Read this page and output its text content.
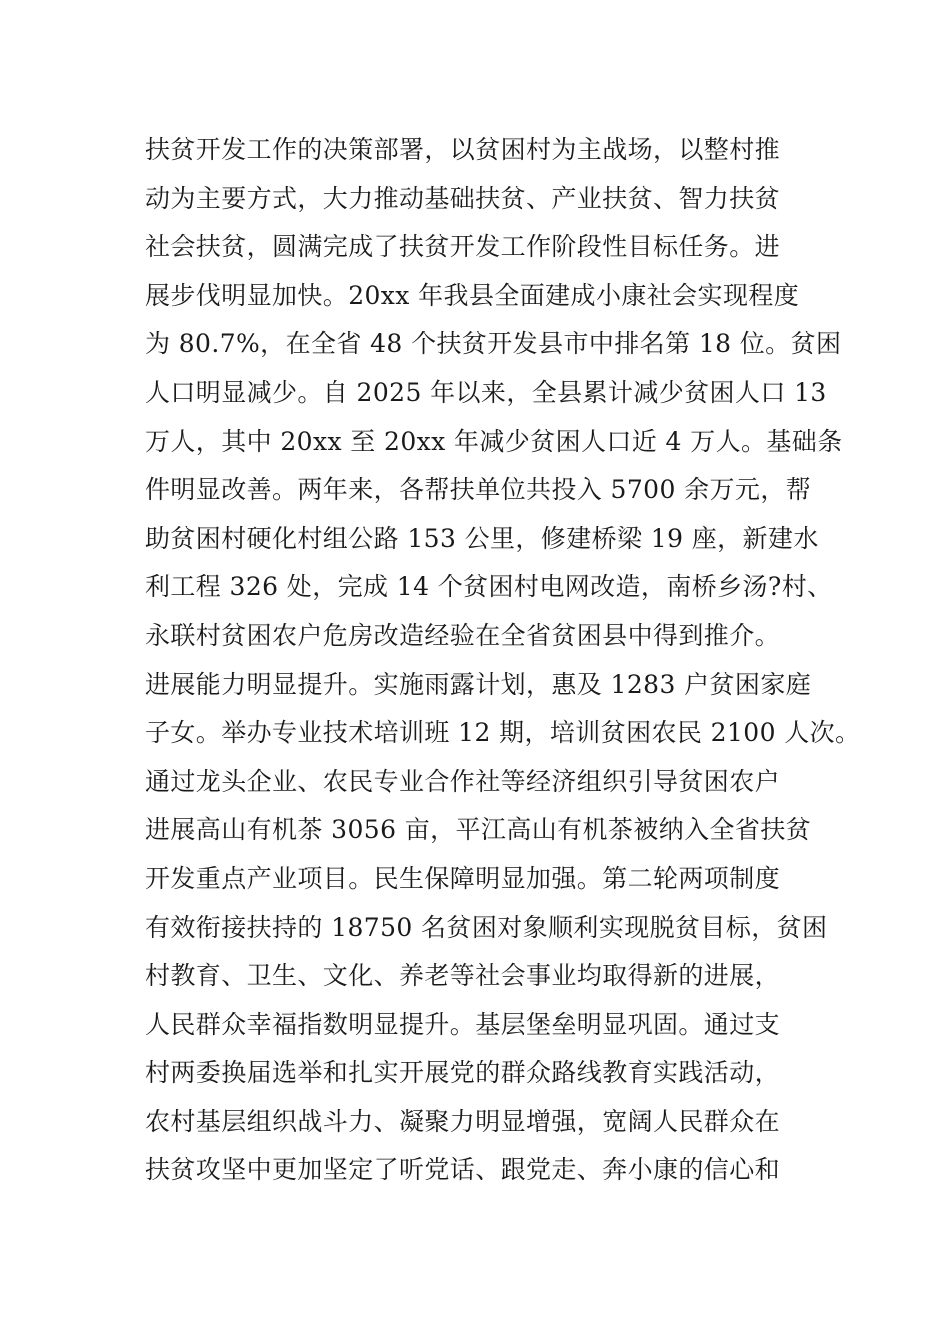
扶贫开发工作的决策部署，以贫困村为主战场，以整村推
动为主要方式，大力推动基础扶贫、产业扶贫、智力扶贫
社会扶贫，圆满完成了扶贫开发工作阶段性目标任务。进
展步伐明显加快。20xx 年我县全面建成小康社会实现程度
为 80.7%，在全省 48 个扶贫开发县市中排名第 18 位。贫困
人口明显减少。自 2025 年以来，全县累计减少贫困人口 13
万人，其中 20xx 至 20xx 年减少贫困人口近 4 万人。基础条
件明显改善。两年来，各帮扶单位共投入 5700 余万元，帮
助贫困村硬化村组公路 153 公里，修建桥梁 19 座，新建水
利工程 326 处，完成 14 个贫困村电网改造，南桥乡汤?村、
永联村贫困农户危房改造经验在全省贫困县中得到推介。
进展能力明显提升。实施雨露计划，惠及 1283 户贫困家庭
子女。举办专业技术培训班 12 期，培训贫困农民 2100 人次。
通过龙头企业、农民专业合作社等经济组织引导贫困农户
进展高山有机茶 3056 亩，平江高山有机茶被纳入全省扶贫
开发重点产业项目。民生保障明显加强。第二轮两项制度
有效衔接扶持的 18750 名贫困对象顺利实现脱贫目标，贫困
村教育、卫生、文化、养老等社会事业均取得新的进展，
人民群众幸福指数明显提升。基层堡垒明显巩固。通过支
村两委换届选举和扎实开展党的群众路线教育实践活动，
农村基层组织战斗力、凝聚力明显增强，宽阔人民群众在
扶贫攻坚中更加坚定了听党话、跟党走、奔小康的信心和
